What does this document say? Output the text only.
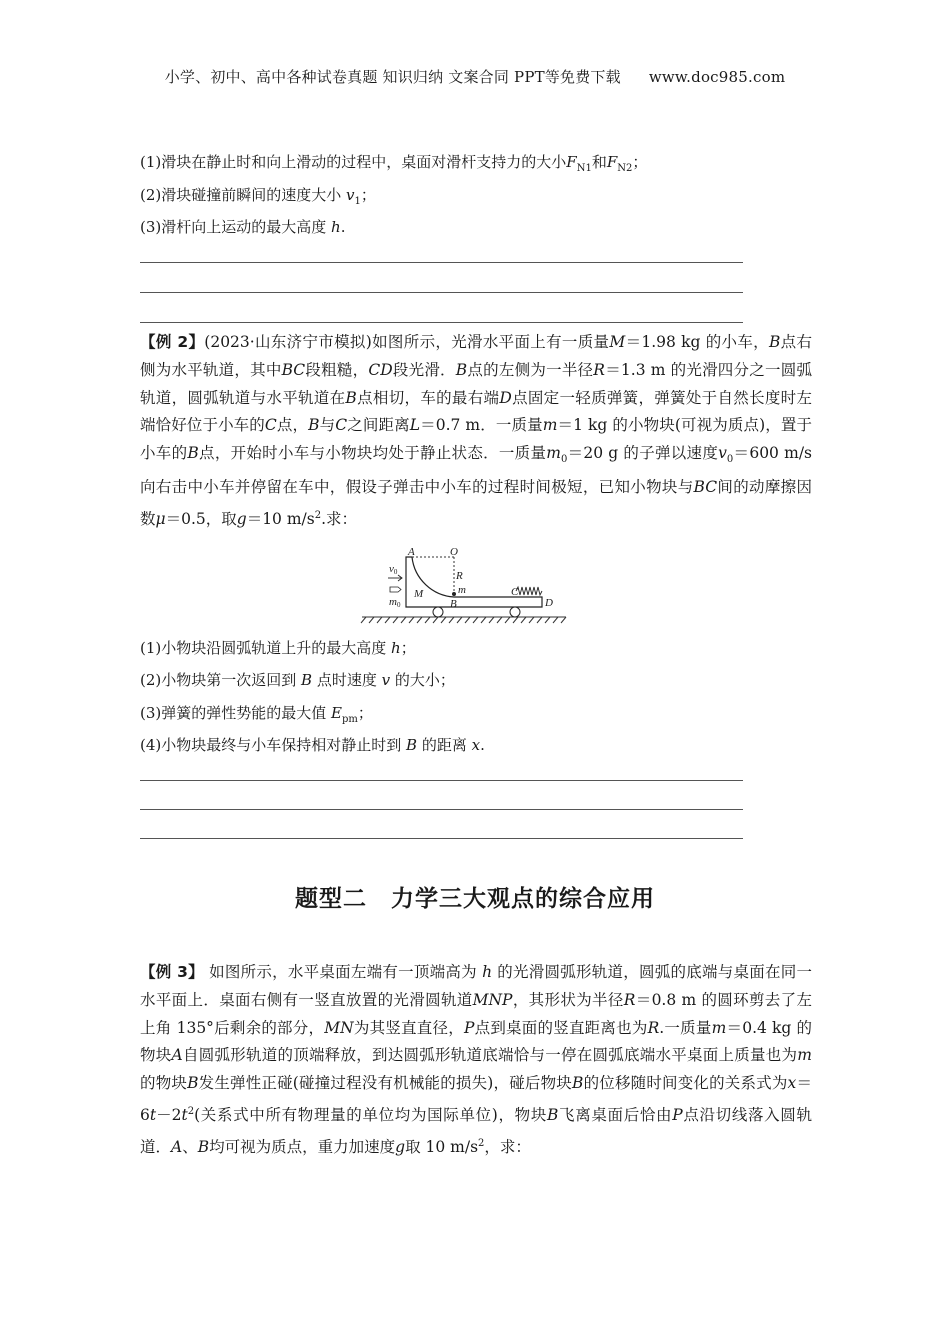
小学、初中、高中各种试卷真题 知识归纳 文案合同 PPT等免费下载 www.doc985.com
(1)滑块在静止时和向上滑动的过程中，桌面对滑杆支持力的大小$F_{N1}$和$F_{N2}$；
(2)滑块碰撞前瞬间的速度大小 $v_1$；
(3)滑杆向上运动的最大高度 h.
【例 2】(2023·山东济宁市模拟)如图所示，光滑水平面上有一质量M＝1.98 kg 的小车，B点右侧为水平轨道，其中BC段粗糙，CD段光滑．B点的左侧为一半径R＝1.3 m 的光滑四分之一圆弧轨道，圆弧轨道与水平轨道在B点相切，车的最右端D点固定一轻质弹簧，弹簧处于自然长度时左端恰好位于小车的C点，B与C之间距离L＝0.7 m．一质量m＝1 kg 的小物块(可视为质点)，置于小车的B点，开始时小车与小物块均处于静止状态．一质量$m_0=20$ g 的子弹以速度$v_0=600$ m/s 向右击中小车并停留在车中，假设子弹击中小车的过程时间极短，已知小物块与BC间的动摩擦因数μ＝0.5，取g＝10 $m/s^2$.求：
A	O
R
m
M
B
C
D
v0
m0
(1)小物块沿圆弧轨道上升的最大高度 h；
(2)小物块第一次返回到 B 点时速度 v 的大小；
(3)弹簧的弹性势能的最大值 $E_{pm}$；
(4)小物块最终与小车保持相对静止时到 B 的距离 x.
题型二　力学三大观点的综合应用
【例 3】 如图所示，水平桌面左端有一顶端高为 h 的光滑圆弧形轨道，圆弧的底端与桌面在同一水平面上．桌面右侧有一竖直放置的光滑圆轨道MNP，其形状为半径R＝0.8 m 的圆环剪去了左上角 135°后剩余的部分，MN为其竖直直径，P点到桌面的竖直距离也为R.一质量m＝0.4 kg 的物块A自圆弧形轨道的顶端释放，到达圆弧形轨道底端恰与一停在圆弧底端水平桌面上质量也为m的物块B发生弹性正碰(碰撞过程没有机械能的损失)，碰后物块B的位移随时间变化的关系式为$x=6t-2t^2$(关系式中所有物理量的单位均为国际单位)，物块B飞离桌面后恰由P点沿切线落入圆轨道．A、B均可视为质点，重力加速度g取 10 $m/s^2$，求：
